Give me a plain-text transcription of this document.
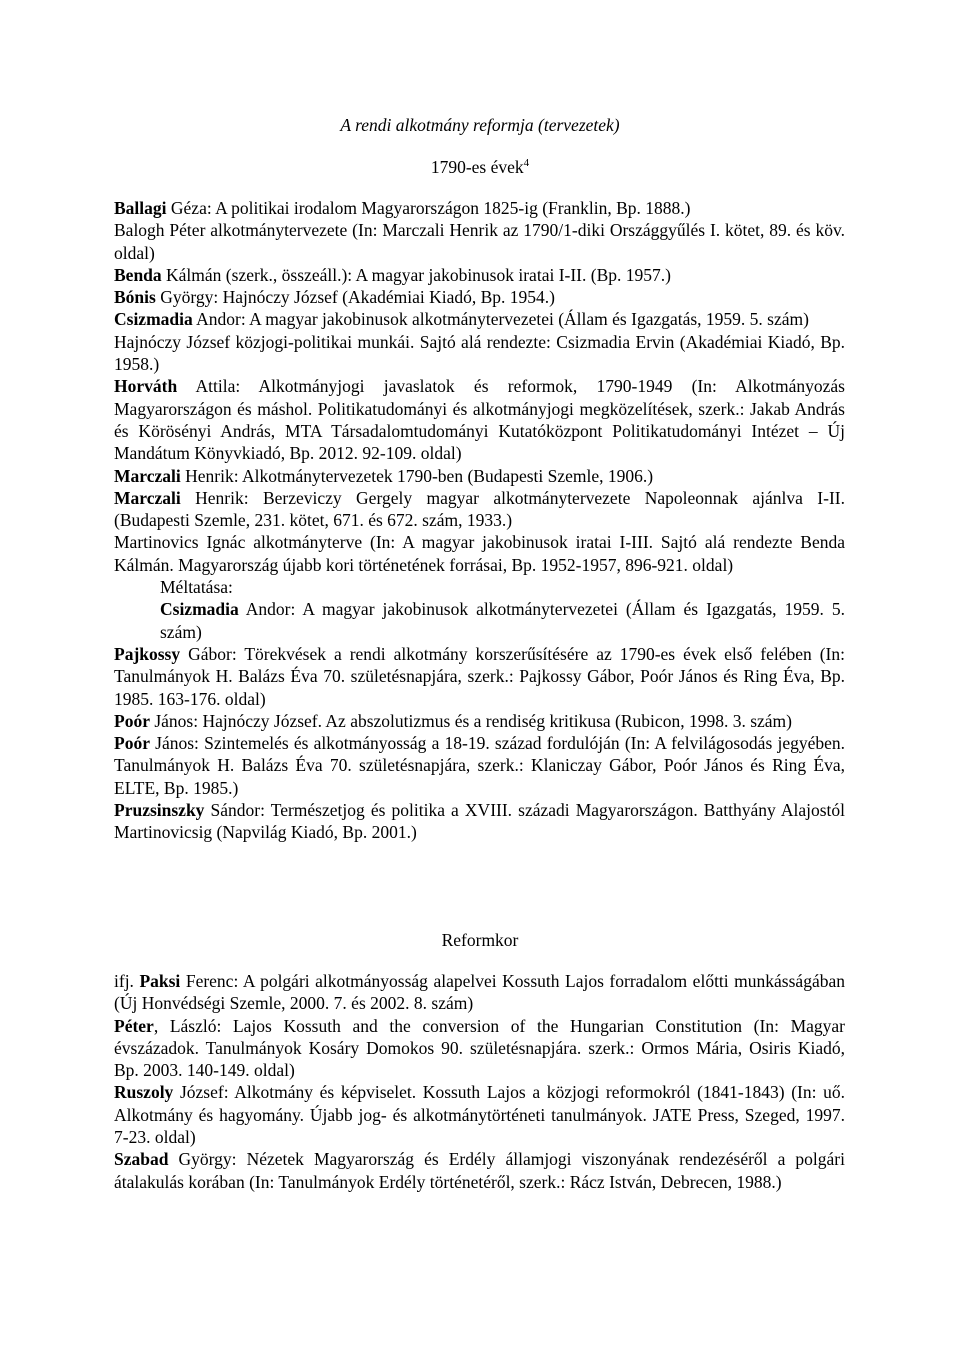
A rendi alkotmány reformja (tervezetek)
1790-es évek$^4$

Ballagi Géza: A politikai irodalom Magyarországon 1825-ig (Franklin, Bp. 1888.)

Balogh Péter alkotmánytervezete (In: Marczali Henrik az 1790/1-diki Országgyűlés I. kötet, 89. és köv. oldal)

Benda Kálmán (szerk., összeáll.): A magyar jakobinusok iratai I-II. (Bp. 1957.)

Bónis György: Hajnóczy József (Akadémiai Kiadó, Bp. 1954.)

Csizmadia Andor: A magyar jakobinusok alkotmánytervezetei (Állam és Igazgatás, 1959. 5. szám)

Hajnóczy József közjogi-politikai munkái. Sajtó alá rendezte: Csizmadia Ervin (Akadémiai Kiadó, Bp. 1958.)

Horváth Attila: Alkotmányjogi javaslatok és reformok, 1790-1949 (In: Alkotmányozás Magyarországon és máshol. Politikatudományi és alkotmányjogi megközelítések, szerk.: Jakab András és Körösényi András, MTA Társadalomtudományi Kutatóközpont Politikatudományi Intézet – Új Mandátum Könyvkiadó, Bp. 2012. 92-109. oldal)

Marczali Henrik: Alkotmánytervezetek 1790-ben (Budapesti Szemle, 1906.)

Marczali Henrik: Berzeviczy Gergely magyar alkotmánytervezete Napoleonnak ajánlva I-II. (Budapesti Szemle, 231. kötet, 671. és 672. szám, 1933.)

Martinovics Ignác alkotmányterve (In: A magyar jakobinusok iratai I-III. Sajtó alá rendezte Benda Kálmán. Magyarország újabb kori történetének forrásai, Bp. 1952-1957, 896-921. oldal)

Méltatása:

Csizmadia Andor: A magyar jakobinusok alkotmánytervezetei (Állam és Igazgatás, 1959. 5. szám)

Pajkossy Gábor: Törekvések a rendi alkotmány korszerűsítésére az 1790-es évek első felében (In: Tanulmányok H. Balázs Éva 70. születésnapjára, szerk.: Pajkossy Gábor, Poór János és Ring Éva, Bp. 1985. 163-176. oldal)

Poór János: Hajnóczy József. Az abszolutizmus és a rendiség kritikusa (Rubicon, 1998. 3. szám)

Poór János: Szintemelés és alkotmányosság a 18-19. század fordulóján (In: A felvilágosodás jegyében. Tanulmányok H. Balázs Éva 70. születésnapjára, szerk.: Klaniczay Gábor, Poór János és Ring Éva, ELTE, Bp. 1985.)

Pruzsinszky Sándor: Természetjog és politika a XVIII. századi Magyarországon. Batthyány Alajostól Martinovicsig (Napvilág Kiadó, Bp. 2001.)

Reformkor

ifj. Paksi Ferenc: A polgári alkotmányosság alapelvei Kossuth Lajos forradalom előtti munkásságában (Új Honvédségi Szemle, 2000. 7. és 2002. 8. szám)

Péter, László: Lajos Kossuth and the conversion of the Hungarian Constitution (In: Magyar évszázadok. Tanulmányok Kosáry Domokos 90. születésnapjára. szerk.: Ormos Mária, Osiris Kiadó, Bp. 2003. 140-149. oldal)

Ruszoly József: Alkotmány és képviselet. Kossuth Lajos a közjogi reformokról (1841-1843) (In: uő. Alkotmány és hagyomány. Újabb jog- és alkotmánytörténeti tanulmányok. JATE Press, Szeged, 1997. 7-23. oldal)

Szabad György: Nézetek Magyarország és Erdély államjogi viszonyának rendezéséről a polgári átalakulás korában (In: Tanulmányok Erdély történetéről, szerk.: Rácz István, Debrecen, 1988.)
